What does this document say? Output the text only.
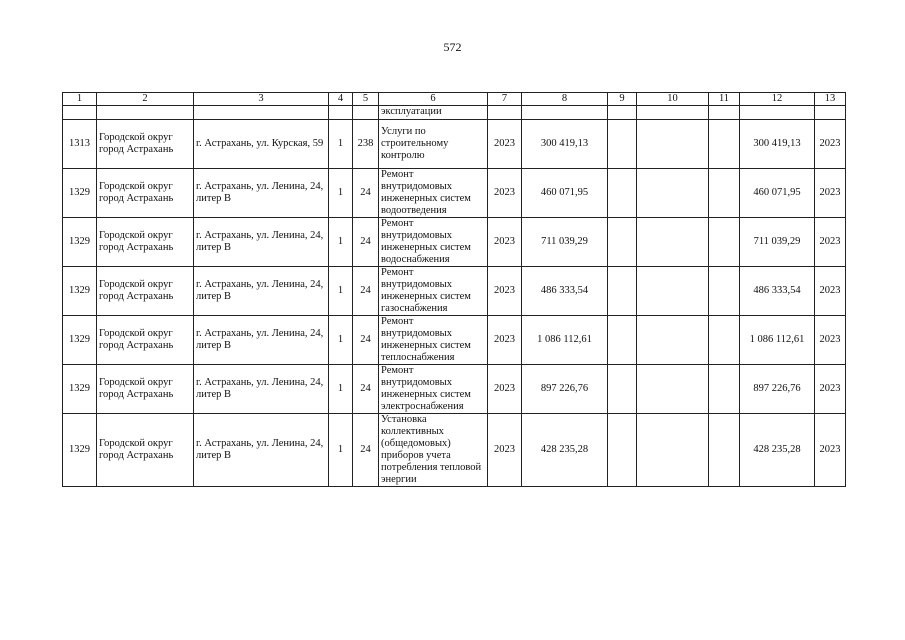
572
1	2	3	4	5	6	7	8	9	10	11	12	13
					эксплуатации							
1313	Городской округ город Астрахань	г. Астрахань, ул. Курская, 59	1	238	Услуги по строительному контролю	2023	300 419,13				300 419,13	2023
1329	Городской округ город Астрахань	г. Астрахань, ул. Ленина, 24, литер В	1	24	Ремонт внутридомовых инженерных систем водоотведения	2023	460 071,95				460 071,95	2023
1329	Городской округ город Астрахань	г. Астрахань, ул. Ленина, 24, литер В	1	24	Ремонт внутридомовых инженерных систем водоснабжения	2023	711 039,29				711 039,29	2023
1329	Городской округ город Астрахань	г. Астрахань, ул. Ленина, 24, литер В	1	24	Ремонт внутридомовых инженерных систем газоснабжения	2023	486 333,54				486 333,54	2023
1329	Городской округ город Астрахань	г. Астрахань, ул. Ленина, 24, литер В	1	24	Ремонт внутридомовых инженерных систем теплоснабжения	2023	1 086 112,61				1 086 112,61	2023
1329	Городской округ город Астрахань	г. Астрахань, ул. Ленина, 24, литер В	1	24	Ремонт внутридомовых инженерных систем электроснабжения	2023	897 226,76				897 226,76	2023
1329	Городской округ город Астрахань	г. Астрахань, ул. Ленина, 24, литер В	1	24	Установка коллективных (общедомовых) приборов учета потребления тепловой энергии	2023	428 235,28				428 235,28	2023
